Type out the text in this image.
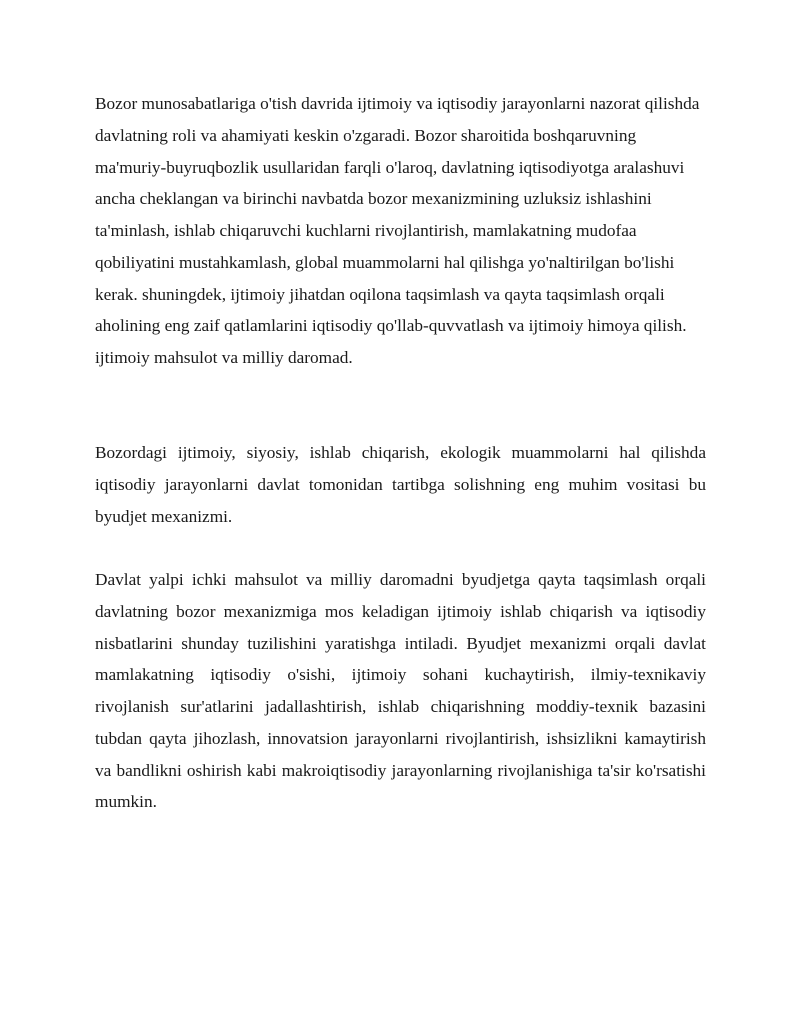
Bozor munosabatlariga o'tish davrida ijtimoiy va iqtisodiy jarayonlarni nazorat qilishda davlatning roli va ahamiyati keskin o'zgaradi. Bozor sharoitida boshqaruvning ma'muriy-buyruqbozlik usullaridan farqli o'laroq, davlatning iqtisodiyotga aralashuvi ancha cheklangan va birinchi navbatda bozor mexanizmining uzluksiz ishlashini ta'minlash, ishlab chiqaruvchi kuchlarni rivojlantirish, mamlakatning mudofaa qobiliyatini mustahkamlash, global muammolarni hal qilishga yo'naltirilgan bo'lishi kerak. shuningdek, ijtimoiy jihatdan oqilona taqsimlash va qayta taqsimlash orqali aholining eng zaif qatlamlarini iqtisodiy qo'llab-quvvatlash va ijtimoiy himoya qilish. ijtimoiy mahsulot va milliy daromad.

Bozordagi ijtimoiy, siyosiy, ishlab chiqarish, ekologik muammolarni hal qilishda iqtisodiy jarayonlarni davlat tomonidan tartibga solishning eng muhim vositasi bu byudjet mexanizmi.

Davlat yalpi ichki mahsulot va milliy daromadni byudjetga qayta taqsimlash orqali davlatning bozor mexanizmiga mos keladigan ijtimoiy ishlab chiqarish va iqtisodiy nisbatlarini shunday tuzilishini yaratishga intiladi. Byudjet mexanizmi orqali davlat mamlakatning iqtisodiy o'sishi, ijtimoiy sohani kuchaytirish, ilmiy-texnikaviy rivojlanish sur'atlarini jadallashtirish, ishlab chiqarishning moddiy-texnik bazasini tubdan qayta jihozlash, innovatsion jarayonlarni rivojlantirish, ishsizlikni kamaytirish va bandlikni oshirish kabi makroiqtisodiy jarayonlarning rivojlanishiga ta'sir ko'rsatishi mumkin.
